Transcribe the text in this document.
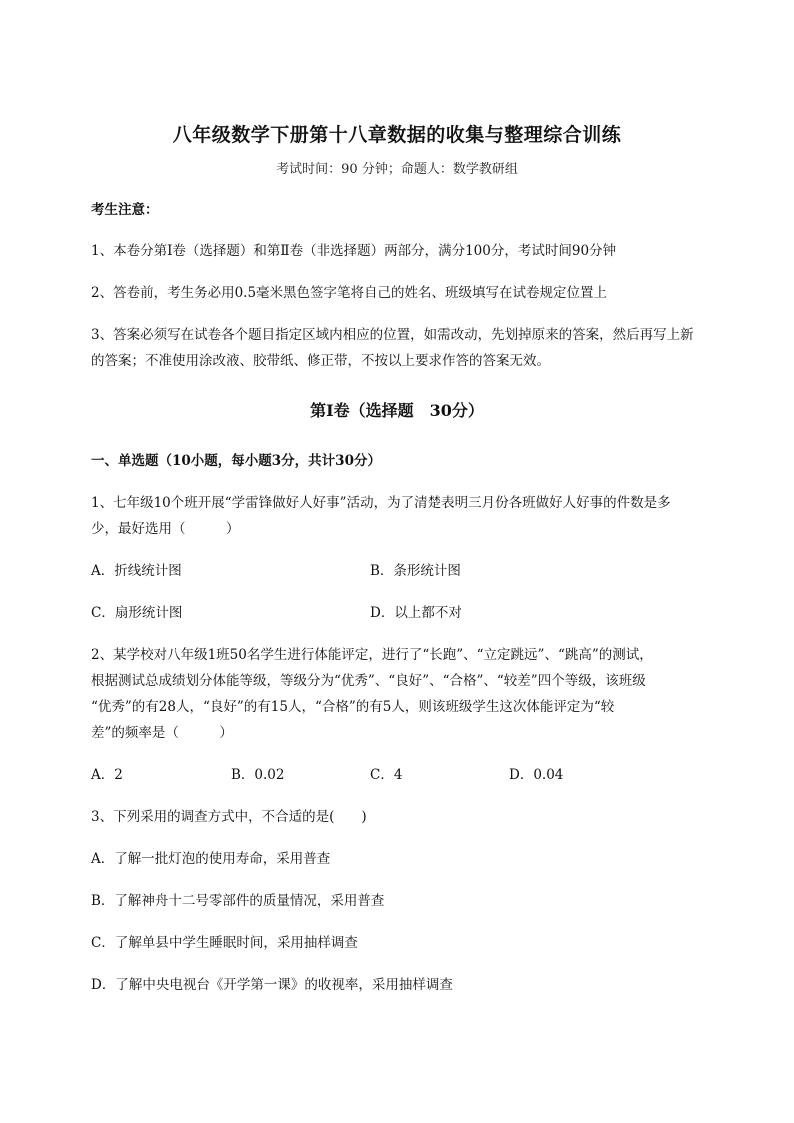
八年级数学下册第十八章数据的收集与整理综合训练
考试时间：90 分钟；命题人：数学教研组
考生注意：
1、本卷分第I卷（选择题）和第Ⅱ卷（非选择题）两部分，满分100分，考试时间90分钟
2、答卷前，考生务必用0.5毫米黑色签字笔将自己的姓名、班级填写在试卷规定位置上
3、答案必须写在试卷各个题目指定区域内相应的位置，如需改动，先划掉原来的答案，然后再写上新
的答案；不准使用涂改液、胶带纸、修正带，不按以上要求作答的答案无效。
第I卷（选择题　30分）
一、单选题（10小题，每小题3分，共计30分）
1、七年级10个班开展“学雷锋做好人好事”活动，为了清楚表明三月份各班做好人好事的件数是多
少，最好选用（　　　）
A．折线统计图	B．条形统计图
C．扇形统计图	D．以上都不对
2、某学校对八年级1班50名学生进行体能评定，进行了“长跑”、“立定跳远”、“跳高”的测试，
根据测试总成绩划分体能等级，等级分为“优秀”、“良好”、“合格”、“较差”四个等级，该班级
“优秀”的有28人，“良好”的有15人，“合格”的有5人，则该班级学生这次体能评定为“较
差”的频率是（　　　）
A．2	B．0.02	C．4	D．0.04
3、下列采用的调查方式中，不合适的是(　　)
A．了解一批灯泡的使用寿命，采用普查
B．了解神舟十二号零部件的质量情况，采用普查
C．了解单县中学生睡眠时间，采用抽样调查
D．了解中央电视台《开学第一课》的收视率，采用抽样调查
